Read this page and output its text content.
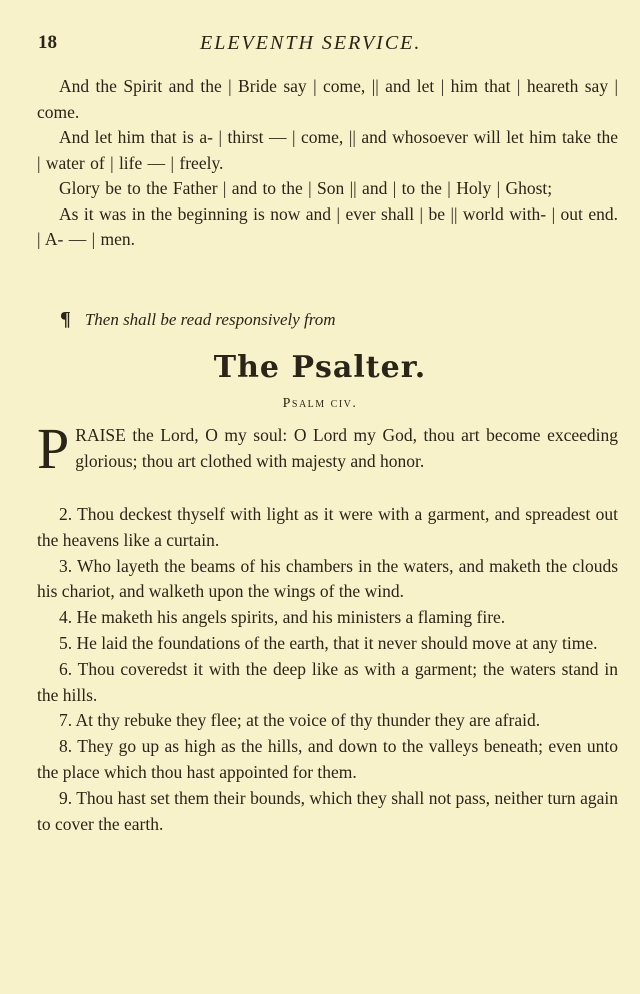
18	ELEVENTH SERVICE.

And the Spirit and the | Bride say | come, || and let | him that | heareth say | come.

And let him that is a- | thirst — | come, || and whosoever will let him take the | water of | life — | freely.

Glory be to the Father | and to the | Son || and | to the | Holy | Ghost;

As it was in the beginning is now and | ever shall | be || world with- | out end. | A- — | men.

¶ Then shall be read responsively from
The Psalter.
Psalm civ.

PRAISE the Lord, O my soul: O Lord my God, thou art become exceeding glorious; thou art clothed with majesty and honor.

2. Thou deckest thyself with light as it were with a garment, and spreadest out the heavens like a curtain.

3. Who layeth the beams of his chambers in the waters, and maketh the clouds his chariot, and walketh upon the wings of the wind.

4. He maketh his angels spirits, and his ministers a flaming fire.

5. He laid the foundations of the earth, that it never should move at any time.

6. Thou coveredst it with the deep like as with a garment; the waters stand in the hills.

7. At thy rebuke they flee; at the voice of thy thunder they are afraid.

8. They go up as high as the hills, and down to the valleys beneath; even unto the place which thou hast appointed for them.

9. Thou hast set them their bounds, which they shall not pass, neither turn again to cover the earth.
